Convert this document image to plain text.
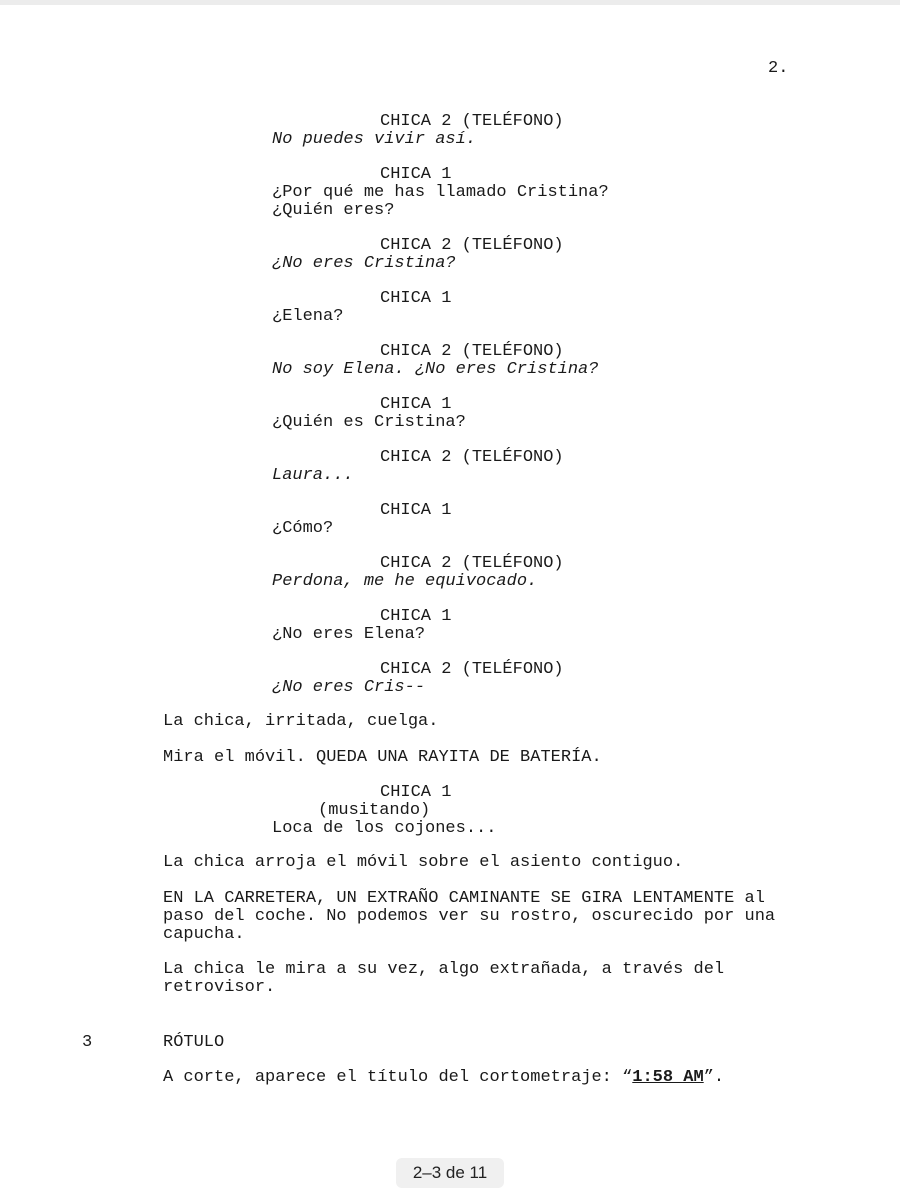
2.
CHICA 2 (TELÉFONO)
No puedes vivir así.
CHICA 1
¿Por qué me has llamado Cristina?
¿Quién eres?
CHICA 2 (TELÉFONO)
¿No eres Cristina?
CHICA 1
¿Elena?
CHICA 2 (TELÉFONO)
No soy Elena. ¿No eres Cristina?
CHICA 1
¿Quién es Cristina?
CHICA 2 (TELÉFONO)
Laura...
CHICA 1
¿Cómo?
CHICA 2 (TELÉFONO)
Perdona, me he equivocado.
CHICA 1
¿No eres Elena?
CHICA 2 (TELÉFONO)
¿No eres Cris--
La chica, irritada, cuelga.
Mira el móvil. QUEDA UNA RAYITA DE BATERÍA.
CHICA 1
(musitando)
Loca de los cojones...
La chica arroja el móvil sobre el asiento contiguo.
EN LA CARRETERA, UN EXTRAÑO CAMINANTE SE GIRA LENTAMENTE al
paso del coche. No podemos ver su rostro, oscurecido por una
capucha.
La chica le mira a su vez, algo extrañada, a través del
retrovisor.
3	RÓTULO
A corte, aparece el título del cortometraje: “1:58 AM”.
2–3 de 11
